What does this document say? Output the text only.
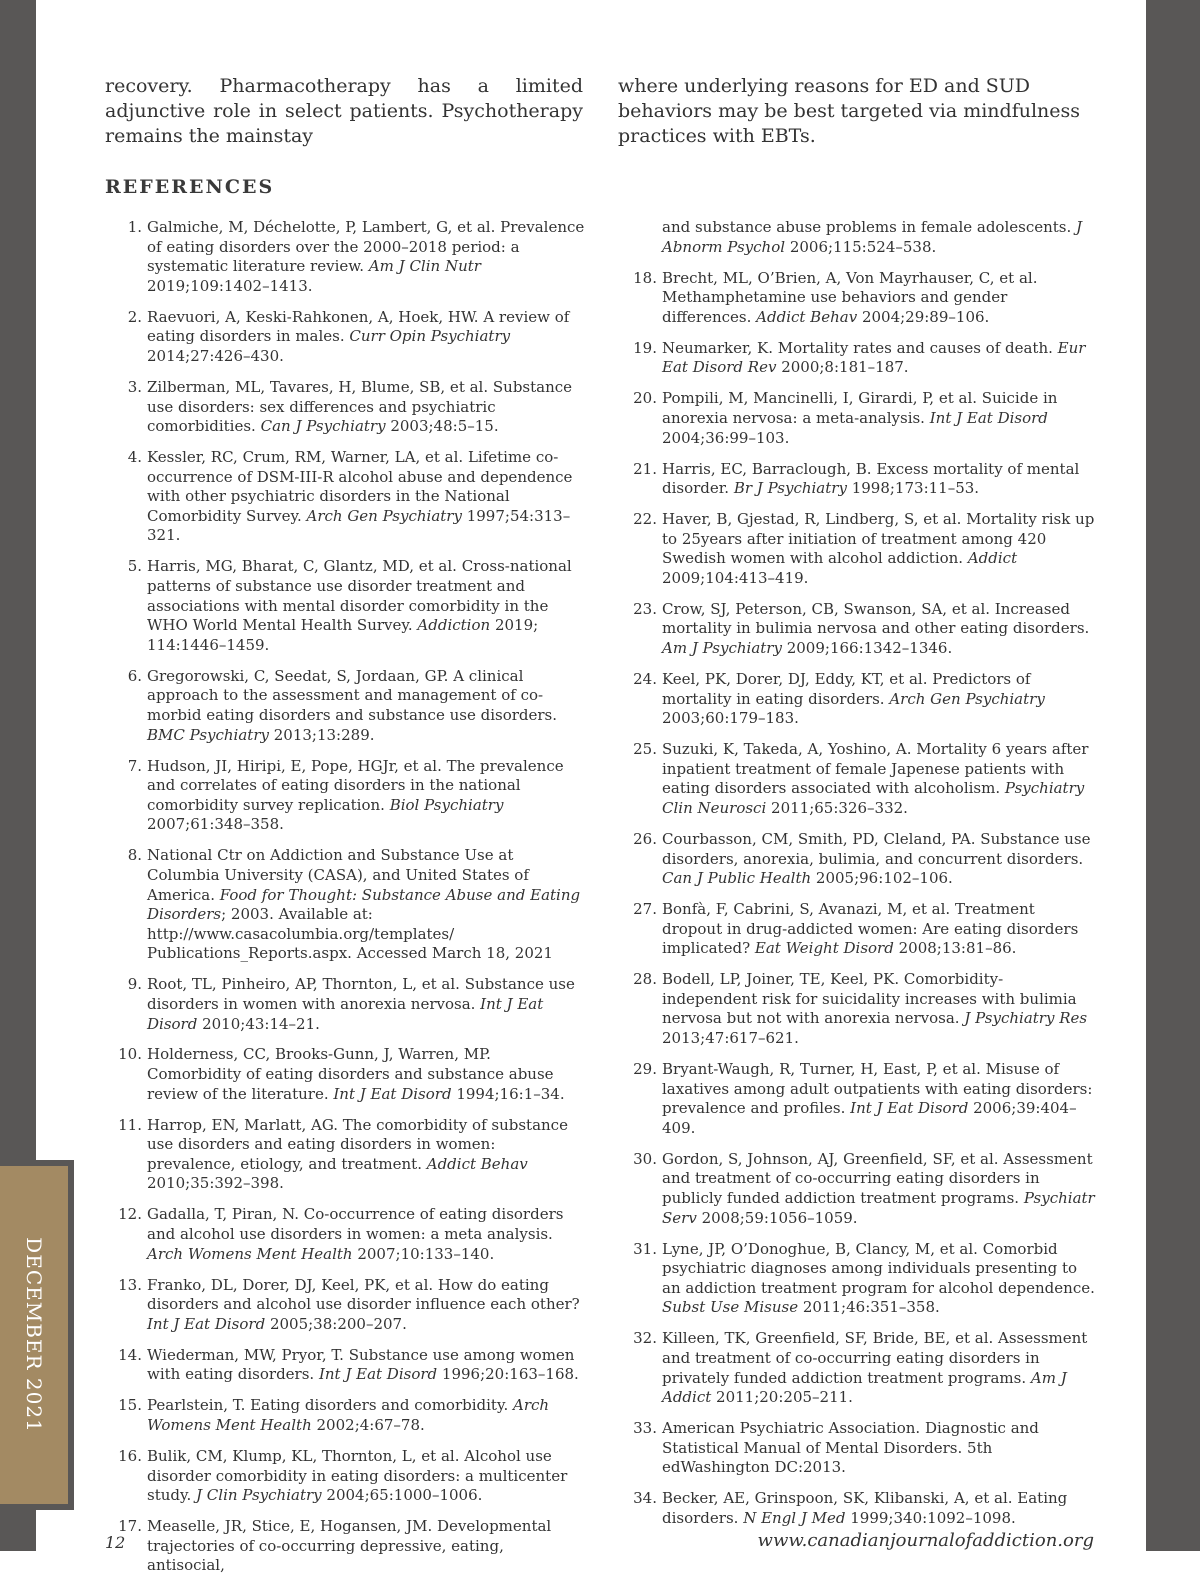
DECEMBER 2021

recovery. Pharmacotherapy has a limited adjunctive role in select patients. Psychotherapy remains the mainstay

where underlying reasons for ED and SUD behaviors may be best targeted via mindfulness practices with EBTs.

REFERENCES
1. Galmiche, M, Déchelotte, P, Lambert, G, et al. Prevalence of eating disorders over the 2000–2018 period: a systematic literature review. Am J Clin Nutr 2019;109:1402–1413.
2. Raevuori, A, Keski-Rahkonen, A, Hoek, HW. A review of eating disorders in males. Curr Opin Psychiatry 2014;27:426–430.
3. Zilberman, ML, Tavares, H, Blume, SB, et al. Substance use disorders: sex differences and psychiatric comorbidities. Can J Psychiatry 2003;48:5–15.
4. Kessler, RC, Crum, RM, Warner, LA, et al. Lifetime co-occurrence of DSM-III-R alcohol abuse and dependence with other psychiatric disorders in the National Comorbidity Survey. Arch Gen Psychiatry 1997;54:313–321.
5. Harris, MG, Bharat, C, Glantz, MD, et al. Cross-national patterns of substance use disorder treatment and associations with mental disorder comorbidity in the WHO World Mental Health Survey. Addiction 2019; 114:1446–1459.
6. Gregorowski, C, Seedat, S, Jordaan, GP. A clinical approach to the assessment and management of co-morbid eating disorders and substance use disorders. BMC Psychiatry 2013;13:289.
7. Hudson, JI, Hiripi, E, Pope, HGJr, et al. The prevalence and correlates of eating disorders in the national comorbidity survey replication. Biol Psychiatry 2007;61:348–358.
8. National Ctr on Addiction and Substance Use at Columbia University (CASA), and United States of America. Food for Thought: Substance Abuse and Eating Disorders; 2003. Available at: http://www.casacolumbia.org/templates/ Publications_Reports.aspx. Accessed March 18, 2021
9. Root, TL, Pinheiro, AP, Thornton, L, et al. Substance use disorders in women with anorexia nervosa. Int J Eat Disord 2010;43:14–21.
10. Holderness, CC, Brooks-Gunn, J, Warren, MP. Comorbidity of eating disorders and substance abuse review of the literature. Int J Eat Disord 1994;16:1–34.
11. Harrop, EN, Marlatt, AG. The comorbidity of substance use disorders and eating disorders in women: prevalence, etiology, and treatment. Addict Behav 2010;35:392–398.
12. Gadalla, T, Piran, N. Co-occurrence of eating disorders and alcohol use disorders in women: a meta analysis. Arch Womens Ment Health 2007;10:133–140.
13. Franko, DL, Dorer, DJ, Keel, PK, et al. How do eating disorders and alcohol use disorder influence each other? Int J Eat Disord 2005;38:200–207.
14. Wiederman, MW, Pryor, T. Substance use among women with eating disorders. Int J Eat Disord 1996;20:163–168.
15. Pearlstein, T. Eating disorders and comorbidity. Arch Womens Ment Health 2002;4:67–78.
16. Bulik, CM, Klump, KL, Thornton, L, et al. Alcohol use disorder comorbidity in eating disorders: a multicenter study. J Clin Psychiatry 2004;65:1000–1006.
17. Measelle, JR, Stice, E, Hogansen, JM. Developmental trajectories of co-occurring depressive, eating, antisocial,
and substance abuse problems in female adolescents. J Abnorm Psychol 2006;115:524–538.
18. Brecht, ML, O’Brien, A, Von Mayrhauser, C, et al. Methamphetamine use behaviors and gender differences. Addict Behav 2004;29:89–106.
19. Neumarker, K. Mortality rates and causes of death. Eur Eat Disord Rev 2000;8:181–187.
20. Pompili, M, Mancinelli, I, Girardi, P, et al. Suicide in anorexia nervosa: a meta-analysis. Int J Eat Disord 2004;36:99–103.
21. Harris, EC, Barraclough, B. Excess mortality of mental disorder. Br J Psychiatry 1998;173:11–53.
22. Haver, B, Gjestad, R, Lindberg, S, et al. Mortality risk up to 25years after initiation of treatment among 420 Swedish women with alcohol addiction. Addict 2009;104:413–419.
23. Crow, SJ, Peterson, CB, Swanson, SA, et al. Increased mortality in bulimia nervosa and other eating disorders. Am J Psychiatry 2009;166:1342–1346.
24. Keel, PK, Dorer, DJ, Eddy, KT, et al. Predictors of mortality in eating disorders. Arch Gen Psychiatry 2003;60:179–183.
25. Suzuki, K, Takeda, A, Yoshino, A. Mortality 6 years after inpatient treatment of female Japenese patients with eating disorders associated with alcoholism. Psychiatry Clin Neurosci 2011;65:326–332.
26. Courbasson, CM, Smith, PD, Cleland, PA. Substance use disorders, anorexia, bulimia, and concurrent disorders. Can J Public Health 2005;96:102–106.
27. Bonfà, F, Cabrini, S, Avanazi, M, et al. Treatment dropout in drug-addicted women: Are eating disorders implicated? Eat Weight Disord 2008;13:81–86.
28. Bodell, LP, Joiner, TE, Keel, PK. Comorbidity-independent risk for suicidality increases with bulimia nervosa but not with anorexia nervosa. J Psychiatry Res 2013;47:617–621.
29. Bryant-Waugh, R, Turner, H, East, P, et al. Misuse of laxatives among adult outpatients with eating disorders: prevalence and profiles. Int J Eat Disord 2006;39:404–409.
30. Gordon, S, Johnson, AJ, Greenfield, SF, et al. Assessment and treatment of co-occurring eating disorders in publicly funded addiction treatment programs. Psychiatr Serv 2008;59:1056–1059.
31. Lyne, JP, O’Donoghue, B, Clancy, M, et al. Comorbid psychiatric diagnoses among individuals presenting to an addiction treatment program for alcohol dependence. Subst Use Misuse 2011;46:351–358.
32. Killeen, TK, Greenfield, SF, Bride, BE, et al. Assessment and treatment of co-occurring eating disorders in privately funded addiction treatment programs. Am J Addict 2011;20:205–211.
33. American Psychiatric Association. Diagnostic and Statistical Manual of Mental Disorders. 5th edWashington DC:2013.
34. Becker, AE, Grinspoon, SK, Klibanski, A, et al. Eating disorders. N Engl J Med 1999;340:1092–1098.
12	www.canadianjournalofaddiction.org
